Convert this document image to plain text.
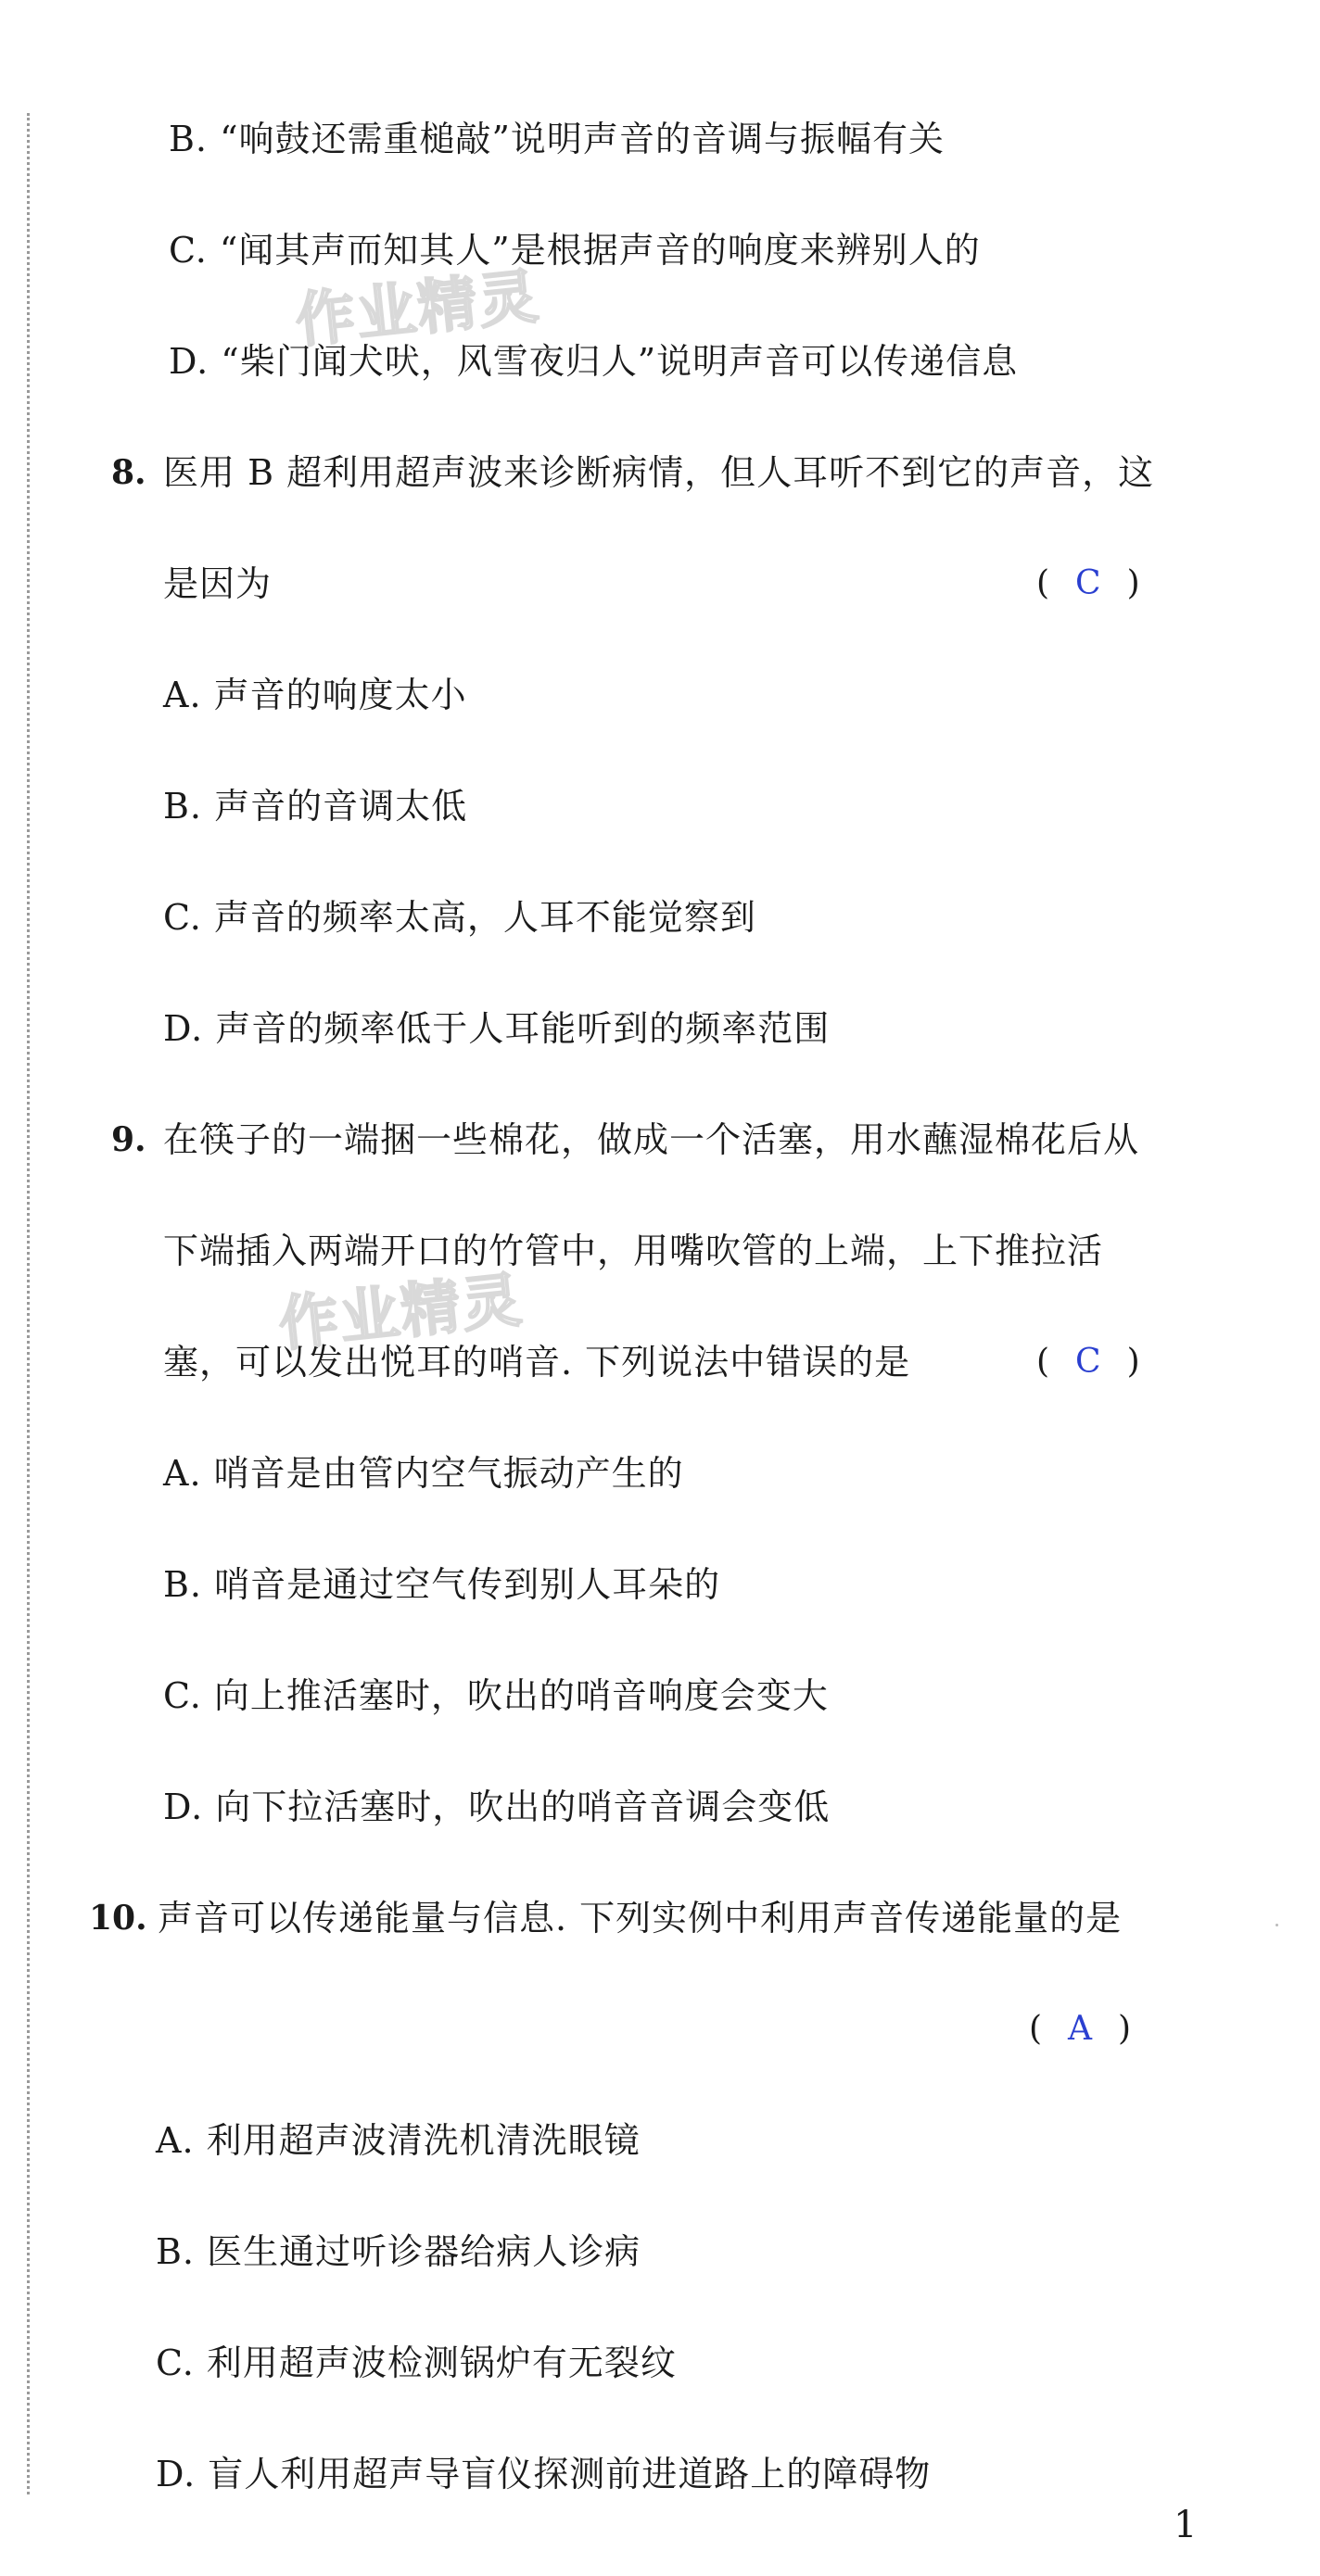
B. “响鼓还需重槌敲”说明声音的音调与振幅有关
C. “闻其声而知其人”是根据声音的响度来辨别人的
作业精灵
D. “柴门闻犬吠，风雪夜归人”说明声音可以传递信息
8. 医用 B 超利用超声波来诊断病情，但人耳听不到它的声音，这
是因为	( C )
A. 声音的响度太小
B. 声音的音调太低
C. 声音的频率太高，人耳不能觉察到
D. 声音的频率低于人耳能听到的频率范围
9. 在筷子的一端捆一些棉花，做成一个活塞，用水蘸湿棉花后从
下端插入两端开口的竹管中，用嘴吹管的上端，上下推拉活
作业精灵
塞，可以发出悦耳的哨音. 下列说法中错误的是	( C )
A. 哨音是由管内空气振动产生的
B. 哨音是通过空气传到别人耳朵的
C. 向上推活塞时，吹出的哨音响度会变大
D. 向下拉活塞时，吹出的哨音音调会变低
10. 声音可以传递能量与信息. 下列实例中利用声音传递能量的是
( A )
A. 利用超声波清洗机清洗眼镜
B. 医生通过听诊器给病人诊病
C. 利用超声波检测锅炉有无裂纹
D. 盲人利用超声导盲仪探测前进道路上的障碍物
1
